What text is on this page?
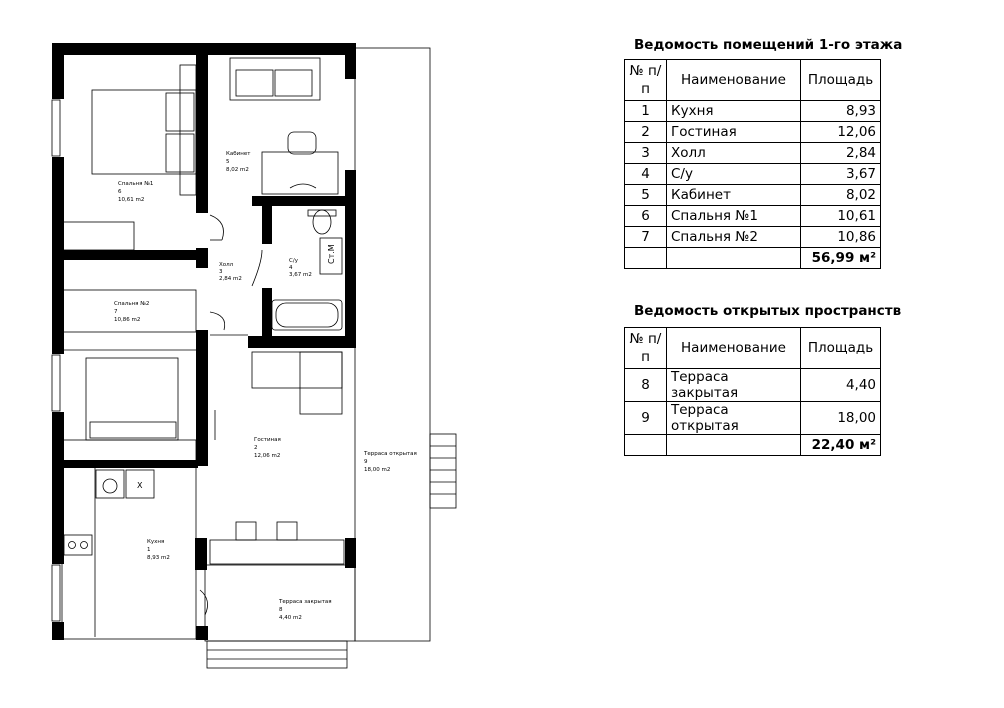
Спальня №1
6
10,61 m2
Кабинет
5
8,02 m2
Холл
3
2,84 m2
С/у
4
3,67 m2
Спальня №2
7
10,86 m2
Гостиная
2
12,06 m2	Терраса открытая
9
18,00 m2
Кухня
1
8,93 m2
Терраса закрытая
8
4,40 m2
Ст.М
X
Ведомость помещений 1-го этажа
№ п/п	Наименование	Площадь
1	Кухня	8,93
2	Гостиная	12,06
3	Холл	2,84
4	С/у	3,67
5	Кабинет	8,02
6	Спальня №1	10,61
7	Спальня №2	10,86
		56,99 м²
Ведомость открытых пространств
№ п/п	Наименование	Площадь
8	Терраса закрытая	4,40
9	Терраса открытая	18,00
		22,40 м²
